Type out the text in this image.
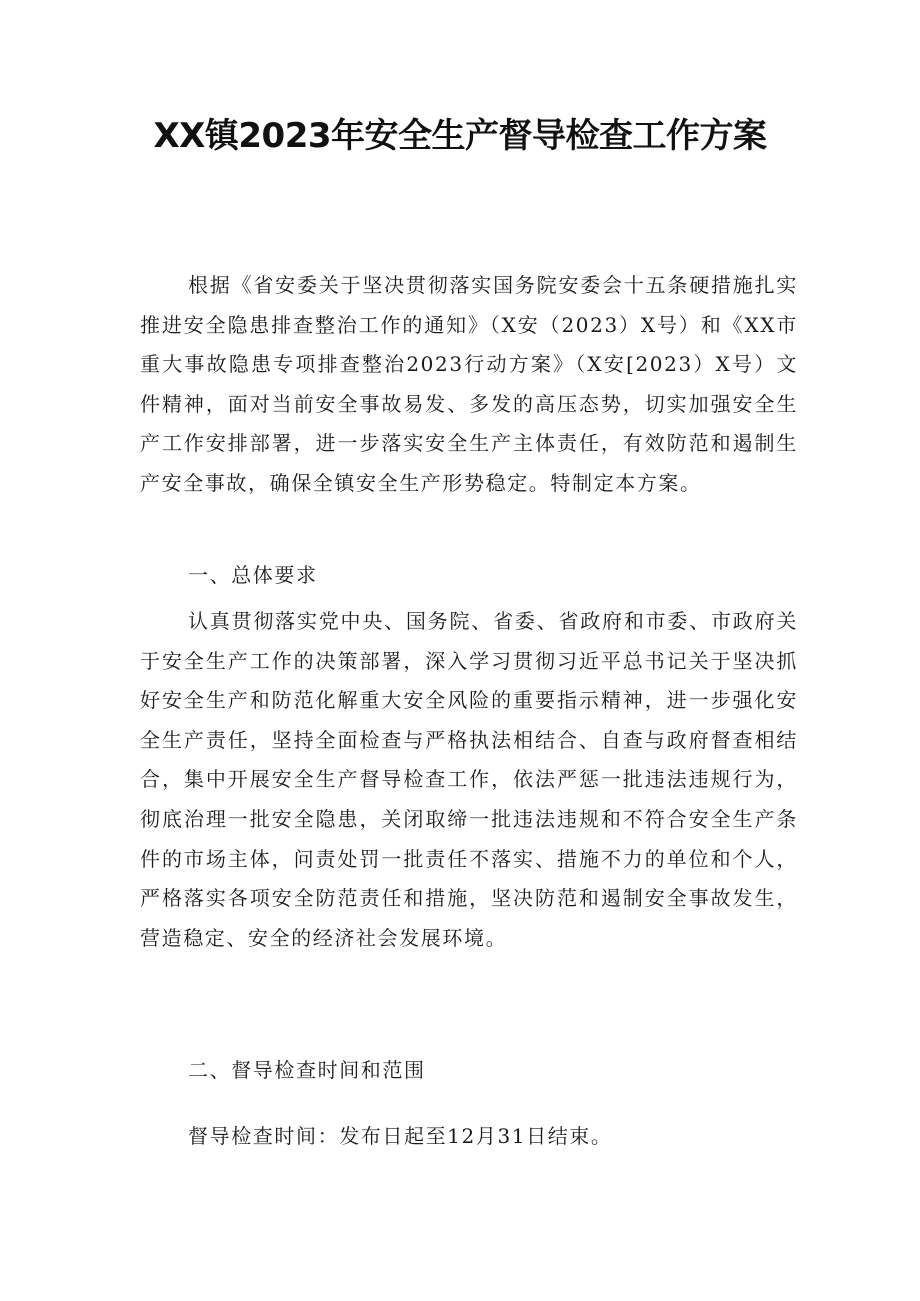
XX镇2023年安全生产督导检查工作方案

根据《省安委关于坚决贯彻落实国务院安委会十五条硬措施扎实推进安全隐患排查整治工作的通知》（X安（2023）X号）和《XX市重大事故隐患专项排查整治2023行动方案》（X安[2023）X号）文件精神，面对当前安全事故易发、多发的高压态势，切实加强安全生产工作安排部署，进一步落实安全生产主体责任，有效防范和遏制生产安全事故，确保全镇安全生产形势稳定。特制定本方案。

一、总体要求

认真贯彻落实党中央、国务院、省委、省政府和市委、市政府关于安全生产工作的决策部署，深入学习贯彻习近平总书记关于坚决抓好安全生产和防范化解重大安全风险的重要指示精神，进一步强化安全生产责任，坚持全面检查与严格执法相结合、自查与政府督查相结合，集中开展安全生产督导检查工作，依法严惩一批违法违规行为，彻底治理一批安全隐患，关闭取缔一批违法违规和不符合安全生产条件的市场主体，问责处罚一批责任不落实、措施不力的单位和个人，严格落实各项安全防范责任和措施，坚决防范和遏制安全事故发生，营造稳定、安全的经济社会发展环境。

二、督导检查时间和范围
督导检查时间：发布日起至12月31日结束。
